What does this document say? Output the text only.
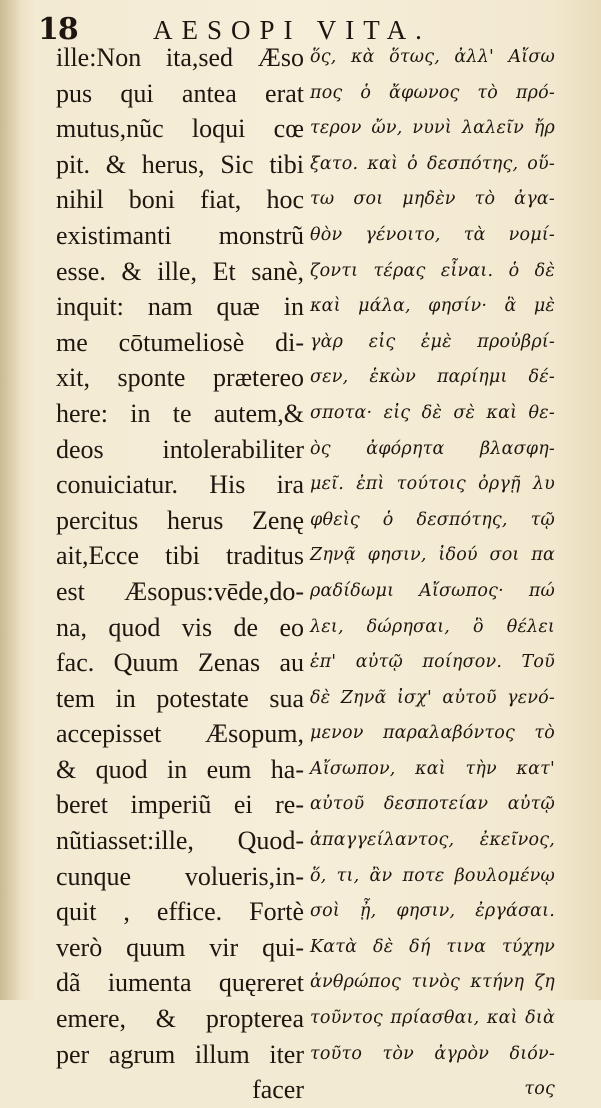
18	AESOPI VITA.
ille:Non ita,sed Æso
pus qui antea erat
mutus,nũc loqui cœ
pit. & herus, Sic tibi
nihil boni fiat, hoc
existimanti monstrũ
esse. & ille, Et sanè,
inquit: nam quæ in
me cōtumeliosè di-
xit, sponte prætereo
here: in te autem,&
deos intolerabiliter
conuiciatur. His ira
percitus herus Zenę
ait,Ecce tibi traditus
est Æsopus:vēde,do-
na, quod vis de eo
fac. Quum Zenas au
tem in potestate sua
accepisset Æsopum,
& quod in eum ha-
beret imperiũ ei re-
nũtiasset:ille, Quod-
cunque volueris,in-
quit , effice. Fortè
verò quum vir qui-
dã iumenta quęreret
emere, & propterea
per agrum illum iter
facer
ὅς, κὰ ὅτως, ἀλλ' Αἴσω
πος ὁ ἄφωνος τὸ πρό-
τερον ὤν, νυνὶ λαλεῖν ἤρ
ξατο. καὶ ὁ δεσπότης, οὕ-
τω σοι μηδὲν τὸ ἀγα-
θὸν γένοιτο, τὰ νομί-
ζοντι τέρας εἶναι. ὁ δὲ
καὶ μάλα, φησίν· ἃ μὲ
γὰρ εἰς ἐμὲ προὐβρί-
σεν, ἑκὼν παρίημι δέ-
σποτα· εἰς δὲ σὲ καὶ θε-
ὸς ἀφόρητα βλασφη-
μεῖ. ἐπὶ τούτοις ὀργῇ λυ
φθεὶς ὁ δεσπότης, τῷ
Ζηνᾷ φησιν, ἰδού σοι πα
ραδίδωμι Αἴσωπος· πώ
λει, δώρησαι, ὃ θέλει
ἐπ' αὐτῷ ποίησον. Τοῦ
δὲ Ζηνᾶ ἰσχ' αὐτοῦ γενό-
μενον παραλαβόντος τὸ
Αἴσωπον, καὶ τὴν κατ'
αὐτοῦ δεσποτείαν αὐτῷ
ἀπαγγείλαντος, ἐκεῖνος,
ὅ, τι, ἂν ποτε βουλομένῳ
σοὶ ᾖ, φησιν, ἐργάσαι.
Κατὰ δὲ δή τινα τύχην
ἀνθρώπος τινὸς κτήνη ζη
τοῦντος πρίασθαι, καὶ διὰ
τοῦτο τὸν ἀγρὸν διόν-
τος
